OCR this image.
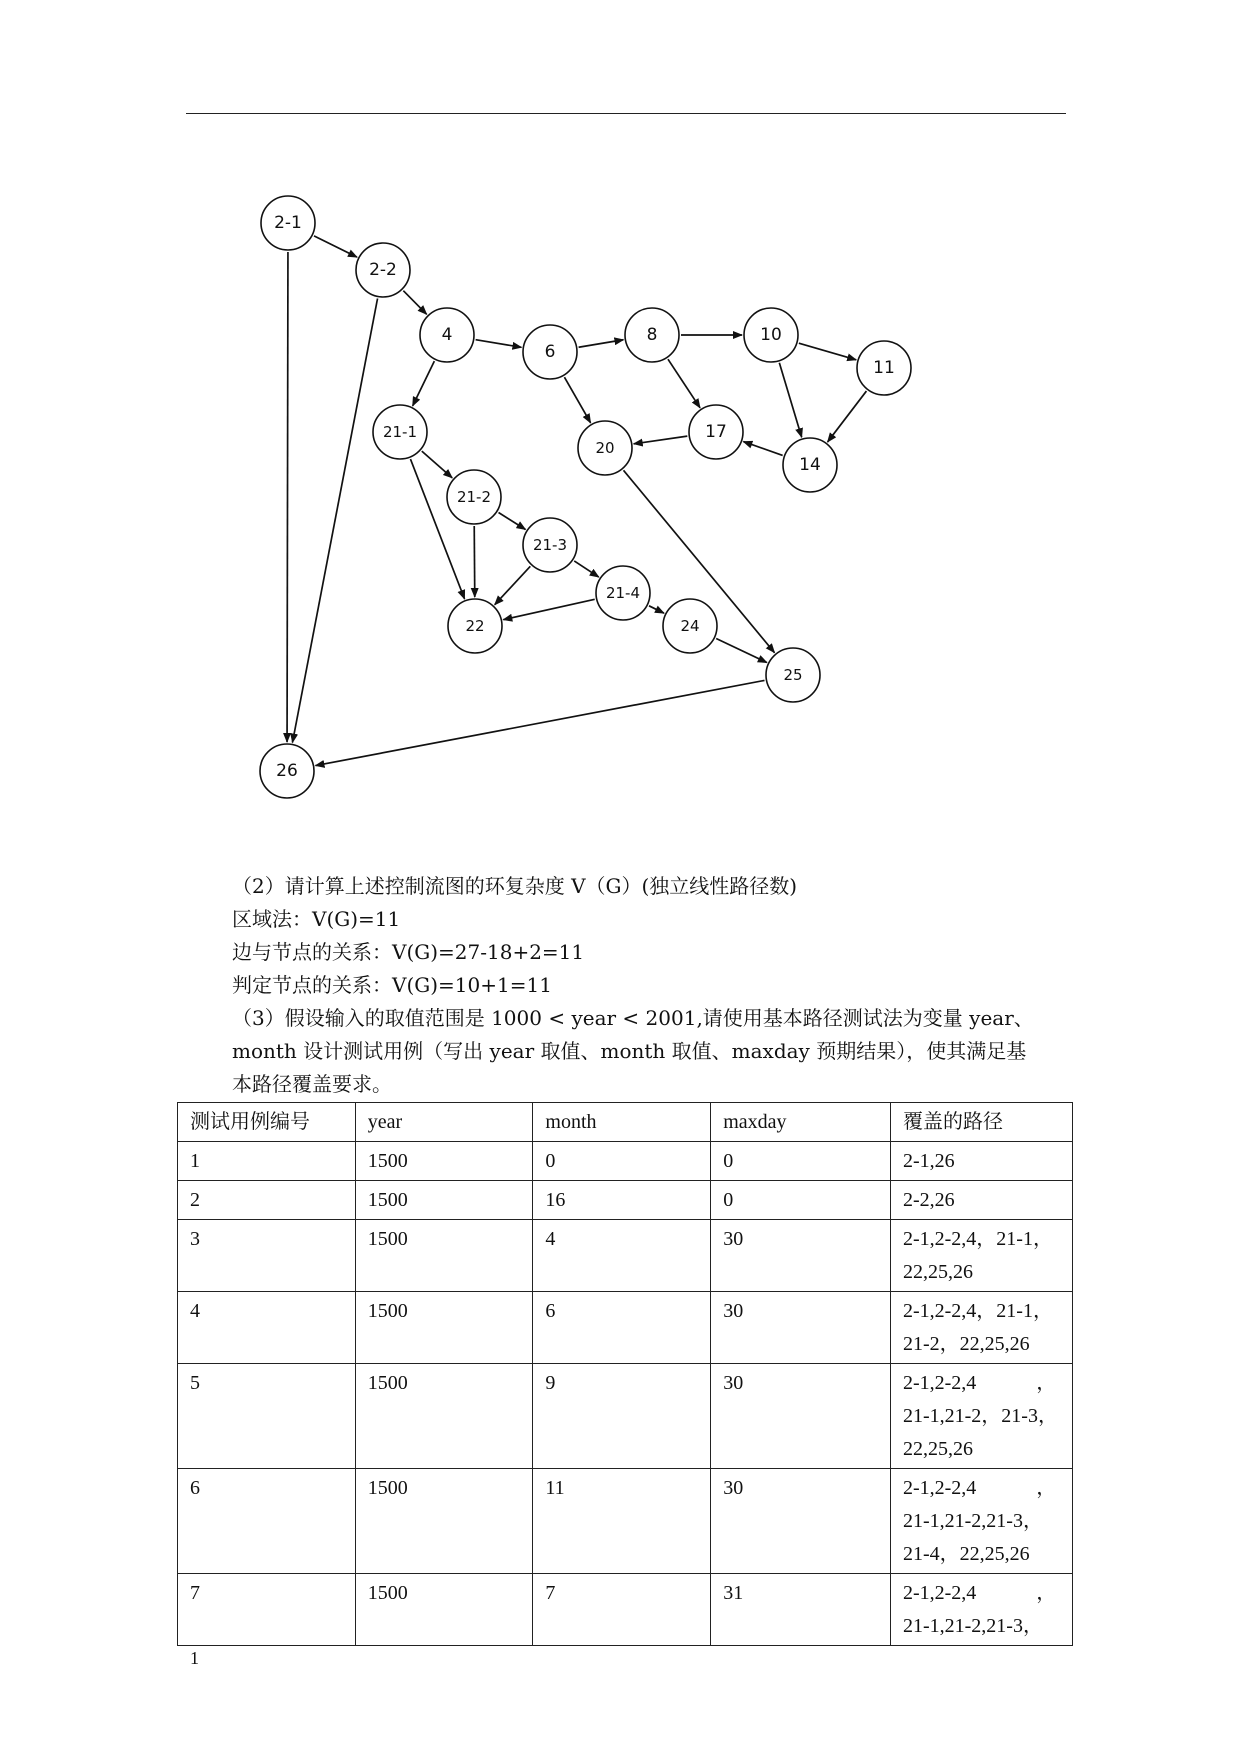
2-1
2-2
4
6
8	10
11
21-1
20
17
14
21-2
21-3
21-4
22	24
25
26
（2）请计算上述控制流图的环复杂度 V（G）(独立线性路径数)
区域法：V(G)=11
边与节点的关系：V(G)=27-18+2=11
判定节点的关系：V(G)=10+1=11
（3）假设输入的取值范围是 1000 < year < 2001,请使用基本路径测试法为变量 year、
month 设计测试用例（写出 year 取值、month 取值、maxday 预期结果），使其满足基
本路径覆盖要求。
测试用例编号	year	month	maxday	覆盖的路径
1	1500	0	0	2-1,26

2	1500	16	0	2-2,26

3	1500	4	30	2-1,2-2,4，21-1，
22,25,26

4	1500	6	30	2-1,2-2,4，21-1，
21-2，22,25,26

5	1500	9	30	2-1,2-2,4　　　，
21-1,21-2，21-3，
22,25,26

6	1500	11	30	2-1,2-2,4　　　，
21-1,21-2,21-3，
21-4，22,25,26

7	1500	7	31	2-1,2-2,4　　　，
21-1,21-2,21-3，
1
